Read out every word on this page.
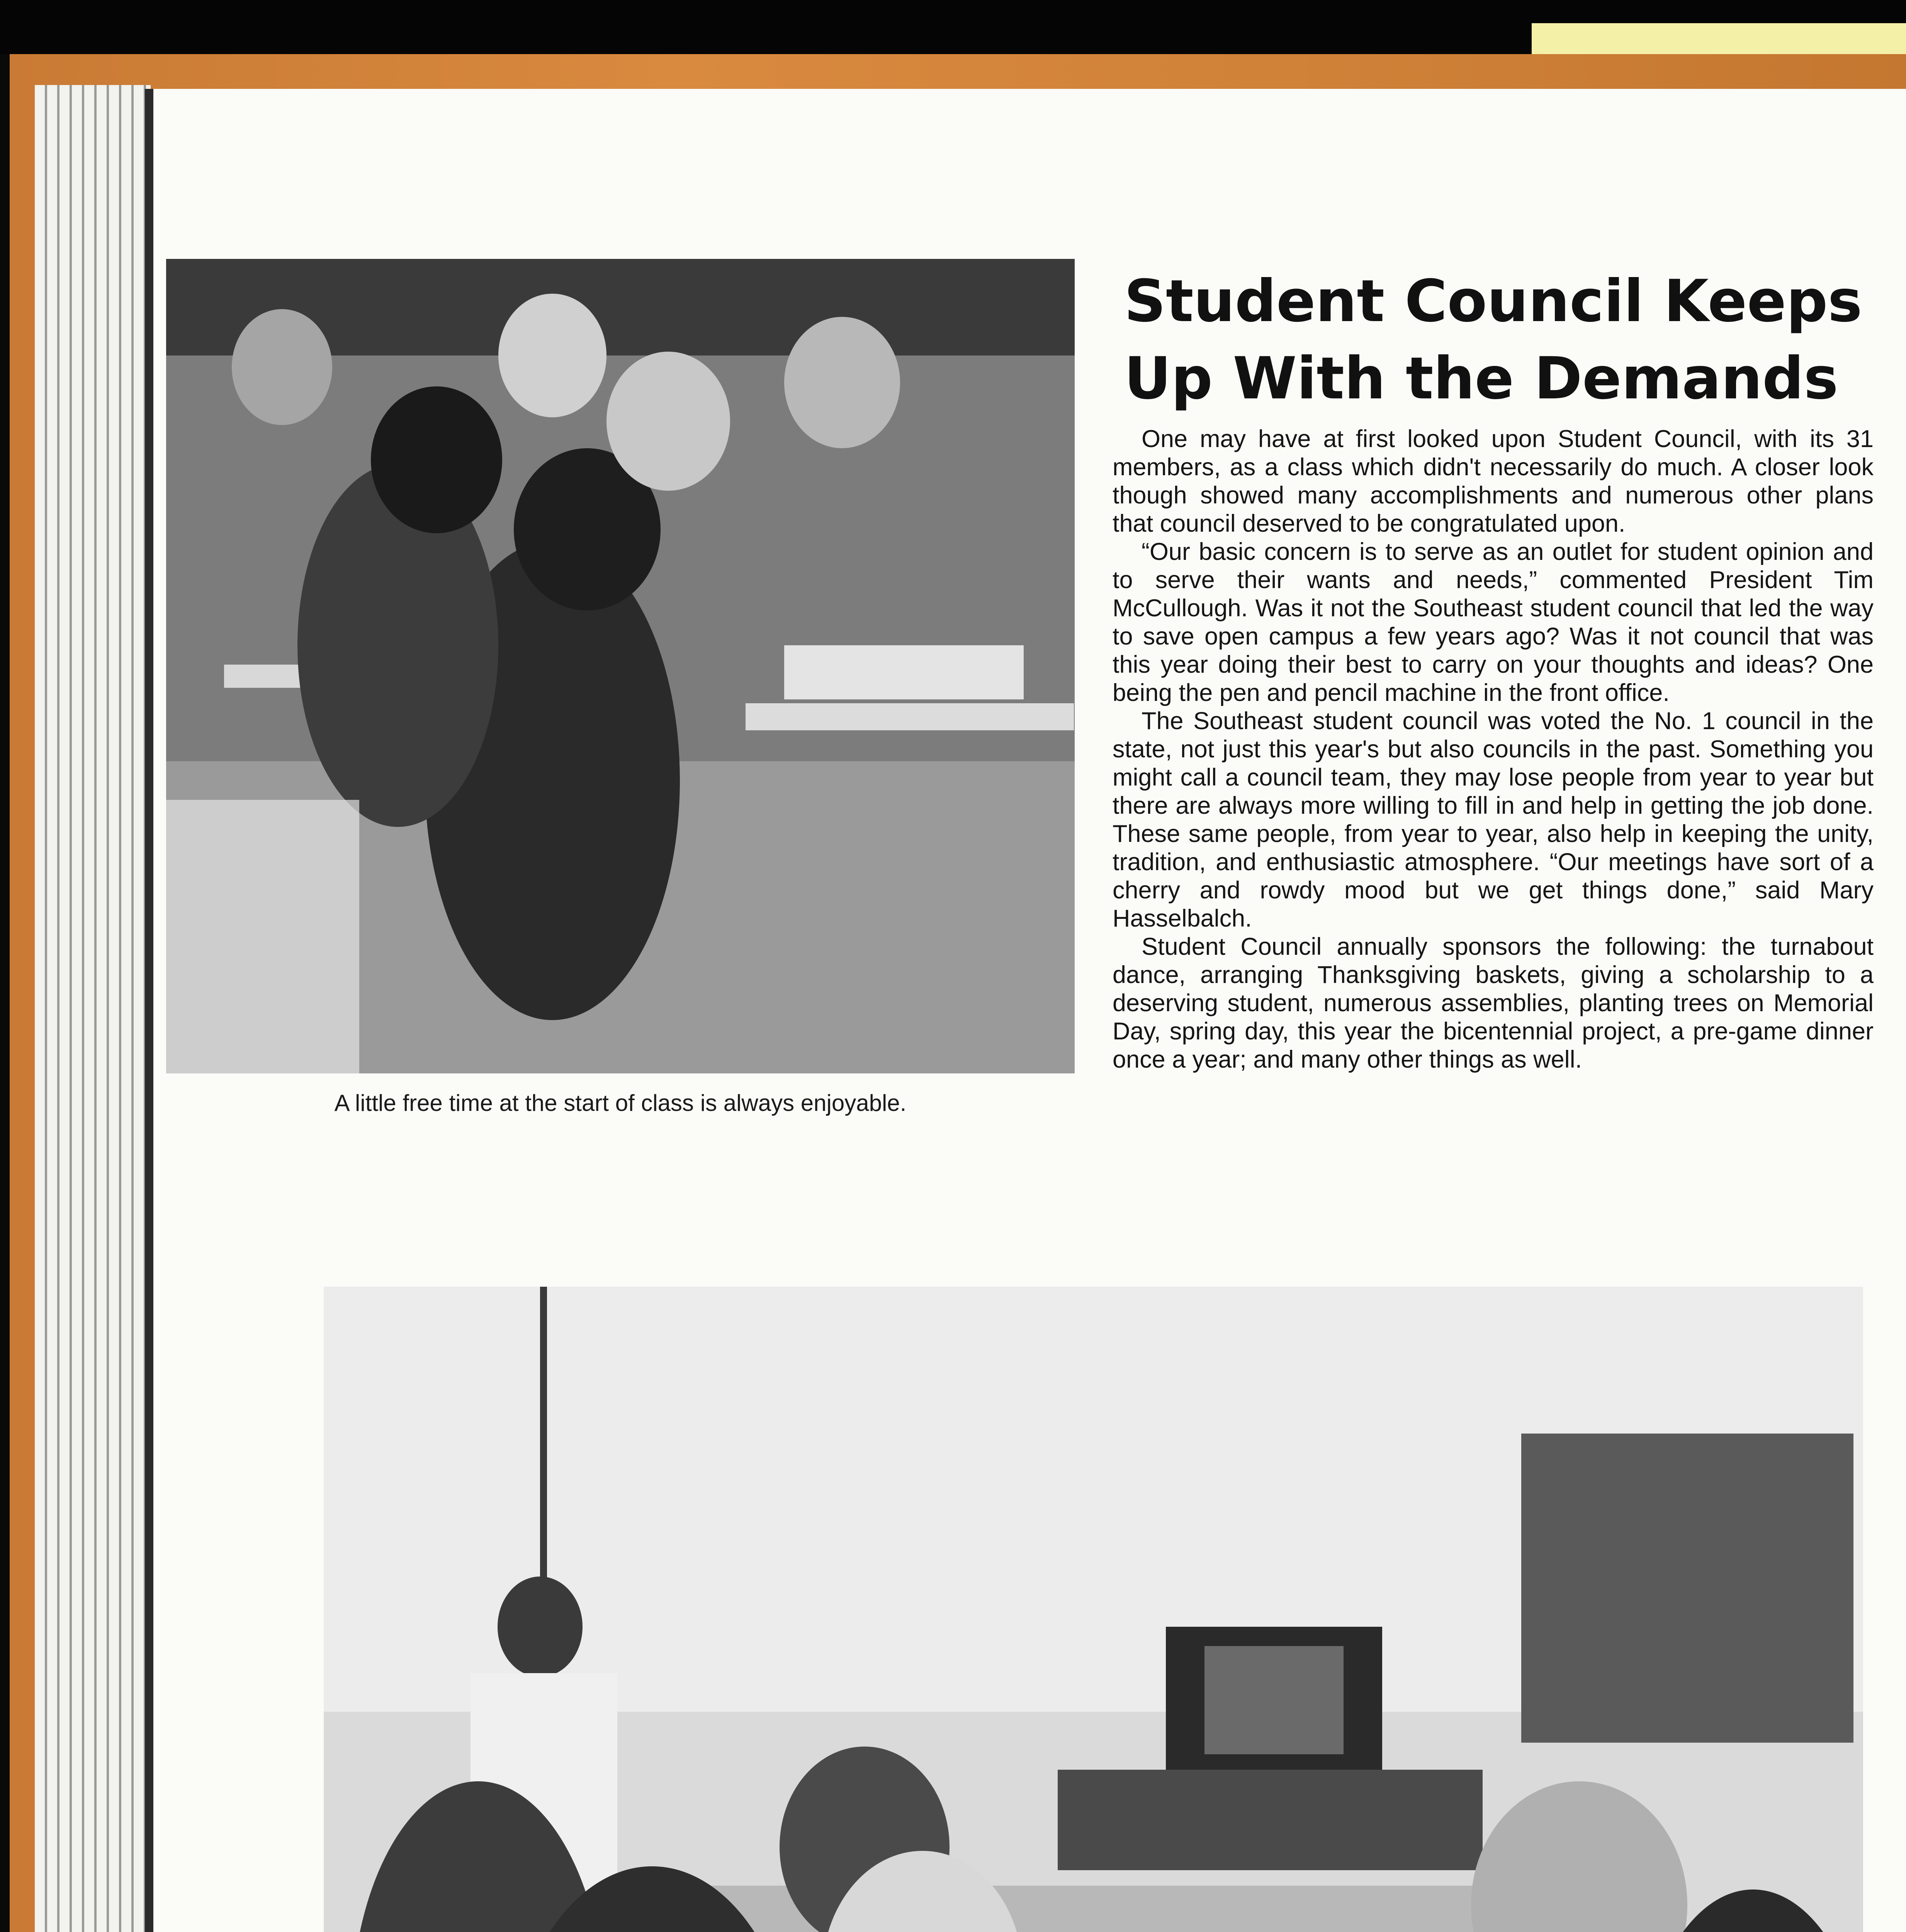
A little free time at the start of class is always enjoyable.
Student Council Keeps
Up With the Demands

One may have at first looked upon Student Council, with its 31 members, as a class which didn't necessarily do much. A closer look though showed many accomplishments and numerous other plans that council deserved to be congratulated upon.

“Our basic concern is to serve as an outlet for student opinion and to serve their wants and needs,” commented President Tim McCullough. Was it not the Southeast student council that led the way to save open campus a few years ago? Was it not council that was this year doing their best to carry on your thoughts and ideas? One being the pen and pencil machine in the front office.

The Southeast student council was voted the No. 1 council in the state, not just this year's but also councils in the past. Something you might call a council team, they may lose people from year to year but there are always more willing to fill in and help in getting the job done. These same people, from year to year, also help in keeping the unity, tradition, and enthusiastic atmosphere. “Our meetings have sort of a cherry and rowdy mood but we get things done,” said Mary Hasselbalch.

Student Council annually sponsors the following: the turnabout dance, arranging Thanksgiving baskets, giving a scholarship to a deserving student, numerous assemblies, planting trees on Memorial Day, spring day, this year the bicentennial project, a pre-game dinner once a year; and many other things as well.
